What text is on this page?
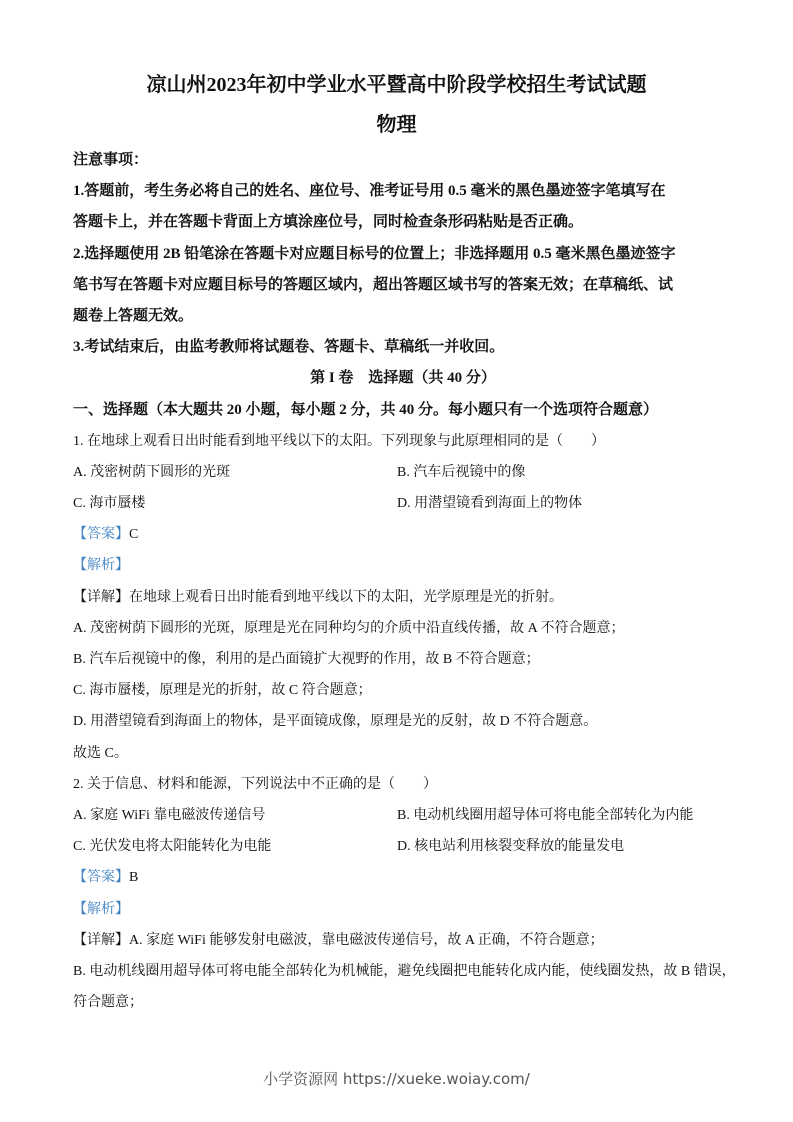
凉山州2023年初中学业水平暨高中阶段学校招生考试试题
物理
注意事项：
1.答题前，考生务必将自己的姓名、座位号、准考证号用 0.5 毫米的黑色墨迹签字笔填写在
答题卡上，并在答题卡背面上方填涂座位号，同时检查条形码粘贴是否正确。
2.选择题使用 2B 铅笔涂在答题卡对应题目标号的位置上；非选择题用 0.5 毫米黑色墨迹签字
笔书写在答题卡对应题目标号的答题区域内，超出答题区域书写的答案无效；在草稿纸、试
题卷上答题无效。
3.考试结束后，由监考教师将试题卷、答题卡、草稿纸一并收回。
第 I 卷　选择题（共 40 分）
一、选择题（本大题共 20 小题，每小题 2 分，共 40 分。每小题只有一个选项符合题意）
1. 在地球上观看日出时能看到地平线以下的太阳。下列现象与此原理相同的是（　　）
A. 茂密树荫下圆形的光斑	B. 汽车后视镜中的像
C. 海市蜃楼	D. 用潜望镜看到海面上的物体
【答案】C
【解析】
【详解】在地球上观看日出时能看到地平线以下的太阳，光学原理是光的折射。
A. 茂密树荫下圆形的光斑，原理是光在同种均匀的介质中沿直线传播，故 A 不符合题意；
B. 汽车后视镜中的像，利用的是凸面镜扩大视野的作用，故 B 不符合题意；
C. 海市蜃楼，原理是光的折射，故 C 符合题意；
D. 用潜望镜看到海面上的物体，是平面镜成像，原理是光的反射，故 D 不符合题意。
故选 C。
2. 关于信息、材料和能源，下列说法中不正确的是（　　）
A. 家庭 WiFi 靠电磁波传递信号	B. 电动机线圈用超导体可将电能全部转化为内能
C. 光伏发电将太阳能转化为电能	D. 核电站利用核裂变释放的能量发电
【答案】B
【解析】
【详解】A. 家庭 WiFi 能够发射电磁波，靠电磁波传递信号，故 A 正确，不符合题意；
B. 电动机线圈用超导体可将电能全部转化为机械能，避免线圈把电能转化成内能，使线圈发热，故 B 错误，
符合题意；
小学资源网 https://xueke.woiay.com/
